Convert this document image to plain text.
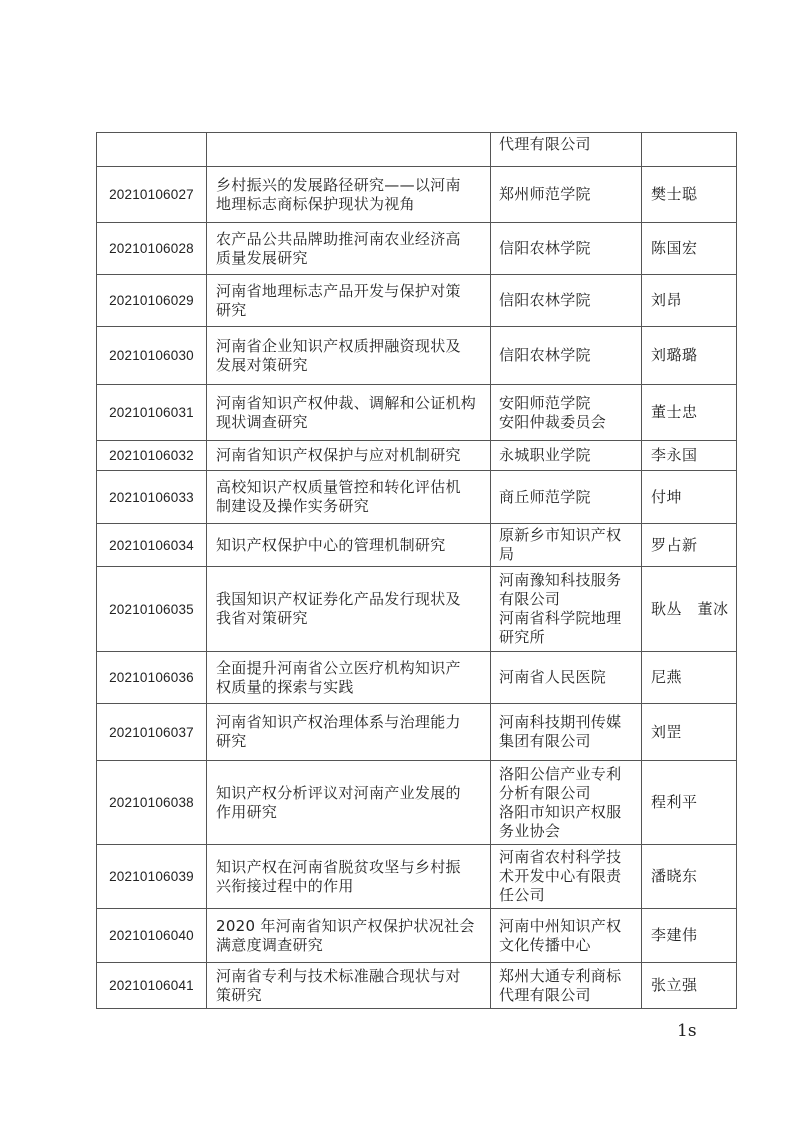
		代理有限公司	

20210106027	乡村振兴的发展路径研究——以河南
地理标志商标保护现状为视角	郑州师范学院	樊士聪
20210106028	农产品公共品牌助推河南农业经济高
质量发展研究	信阳农林学院	陈国宏
20210106029	河南省地理标志产品开发与保护对策
研究	信阳农林学院	刘昂
20210106030	河南省企业知识产权质押融资现状及
发展对策研究	信阳农林学院	刘璐璐
20210106031	河南省知识产权仲裁、调解和公证机构
现状调查研究	安阳师范学院
安阳仲裁委员会	董士忠
20210106032	河南省知识产权保护与应对机制研究	永城职业学院	李永国
20210106033	高校知识产权质量管控和转化评估机
制建设及操作实务研究	商丘师范学院	付坤
20210106034	知识产权保护中心的管理机制研究	原新乡市知识产权
局	罗占新
20210106035	我国知识产权证券化产品发行现状及
我省对策研究	河南豫知科技服务
有限公司
河南省科学院地理
研究所	耿丛　董冰
20210106036	全面提升河南省公立医疗机构知识产
权质量的探索与实践	河南省人民医院	尼燕
20210106037	河南省知识产权治理体系与治理能力
研究	河南科技期刊传媒
集团有限公司	刘罡
20210106038	知识产权分析评议对河南产业发展的
作用研究	洛阳公信产业专利
分析有限公司
洛阳市知识产权服
务业协会	程利平
20210106039	知识产权在河南省脱贫攻坚与乡村振
兴衔接过程中的作用	河南省农村科学技
术开发中心有限责
任公司	潘晓东
20210106040	2020 年河南省知识产权保护状况社会
满意度调查研究	河南中州知识产权
文化传播中心	李建伟
20210106041	河南省专利与技术标准融合现状与对
策研究	郑州大通专利商标
代理有限公司	张立强
1s
